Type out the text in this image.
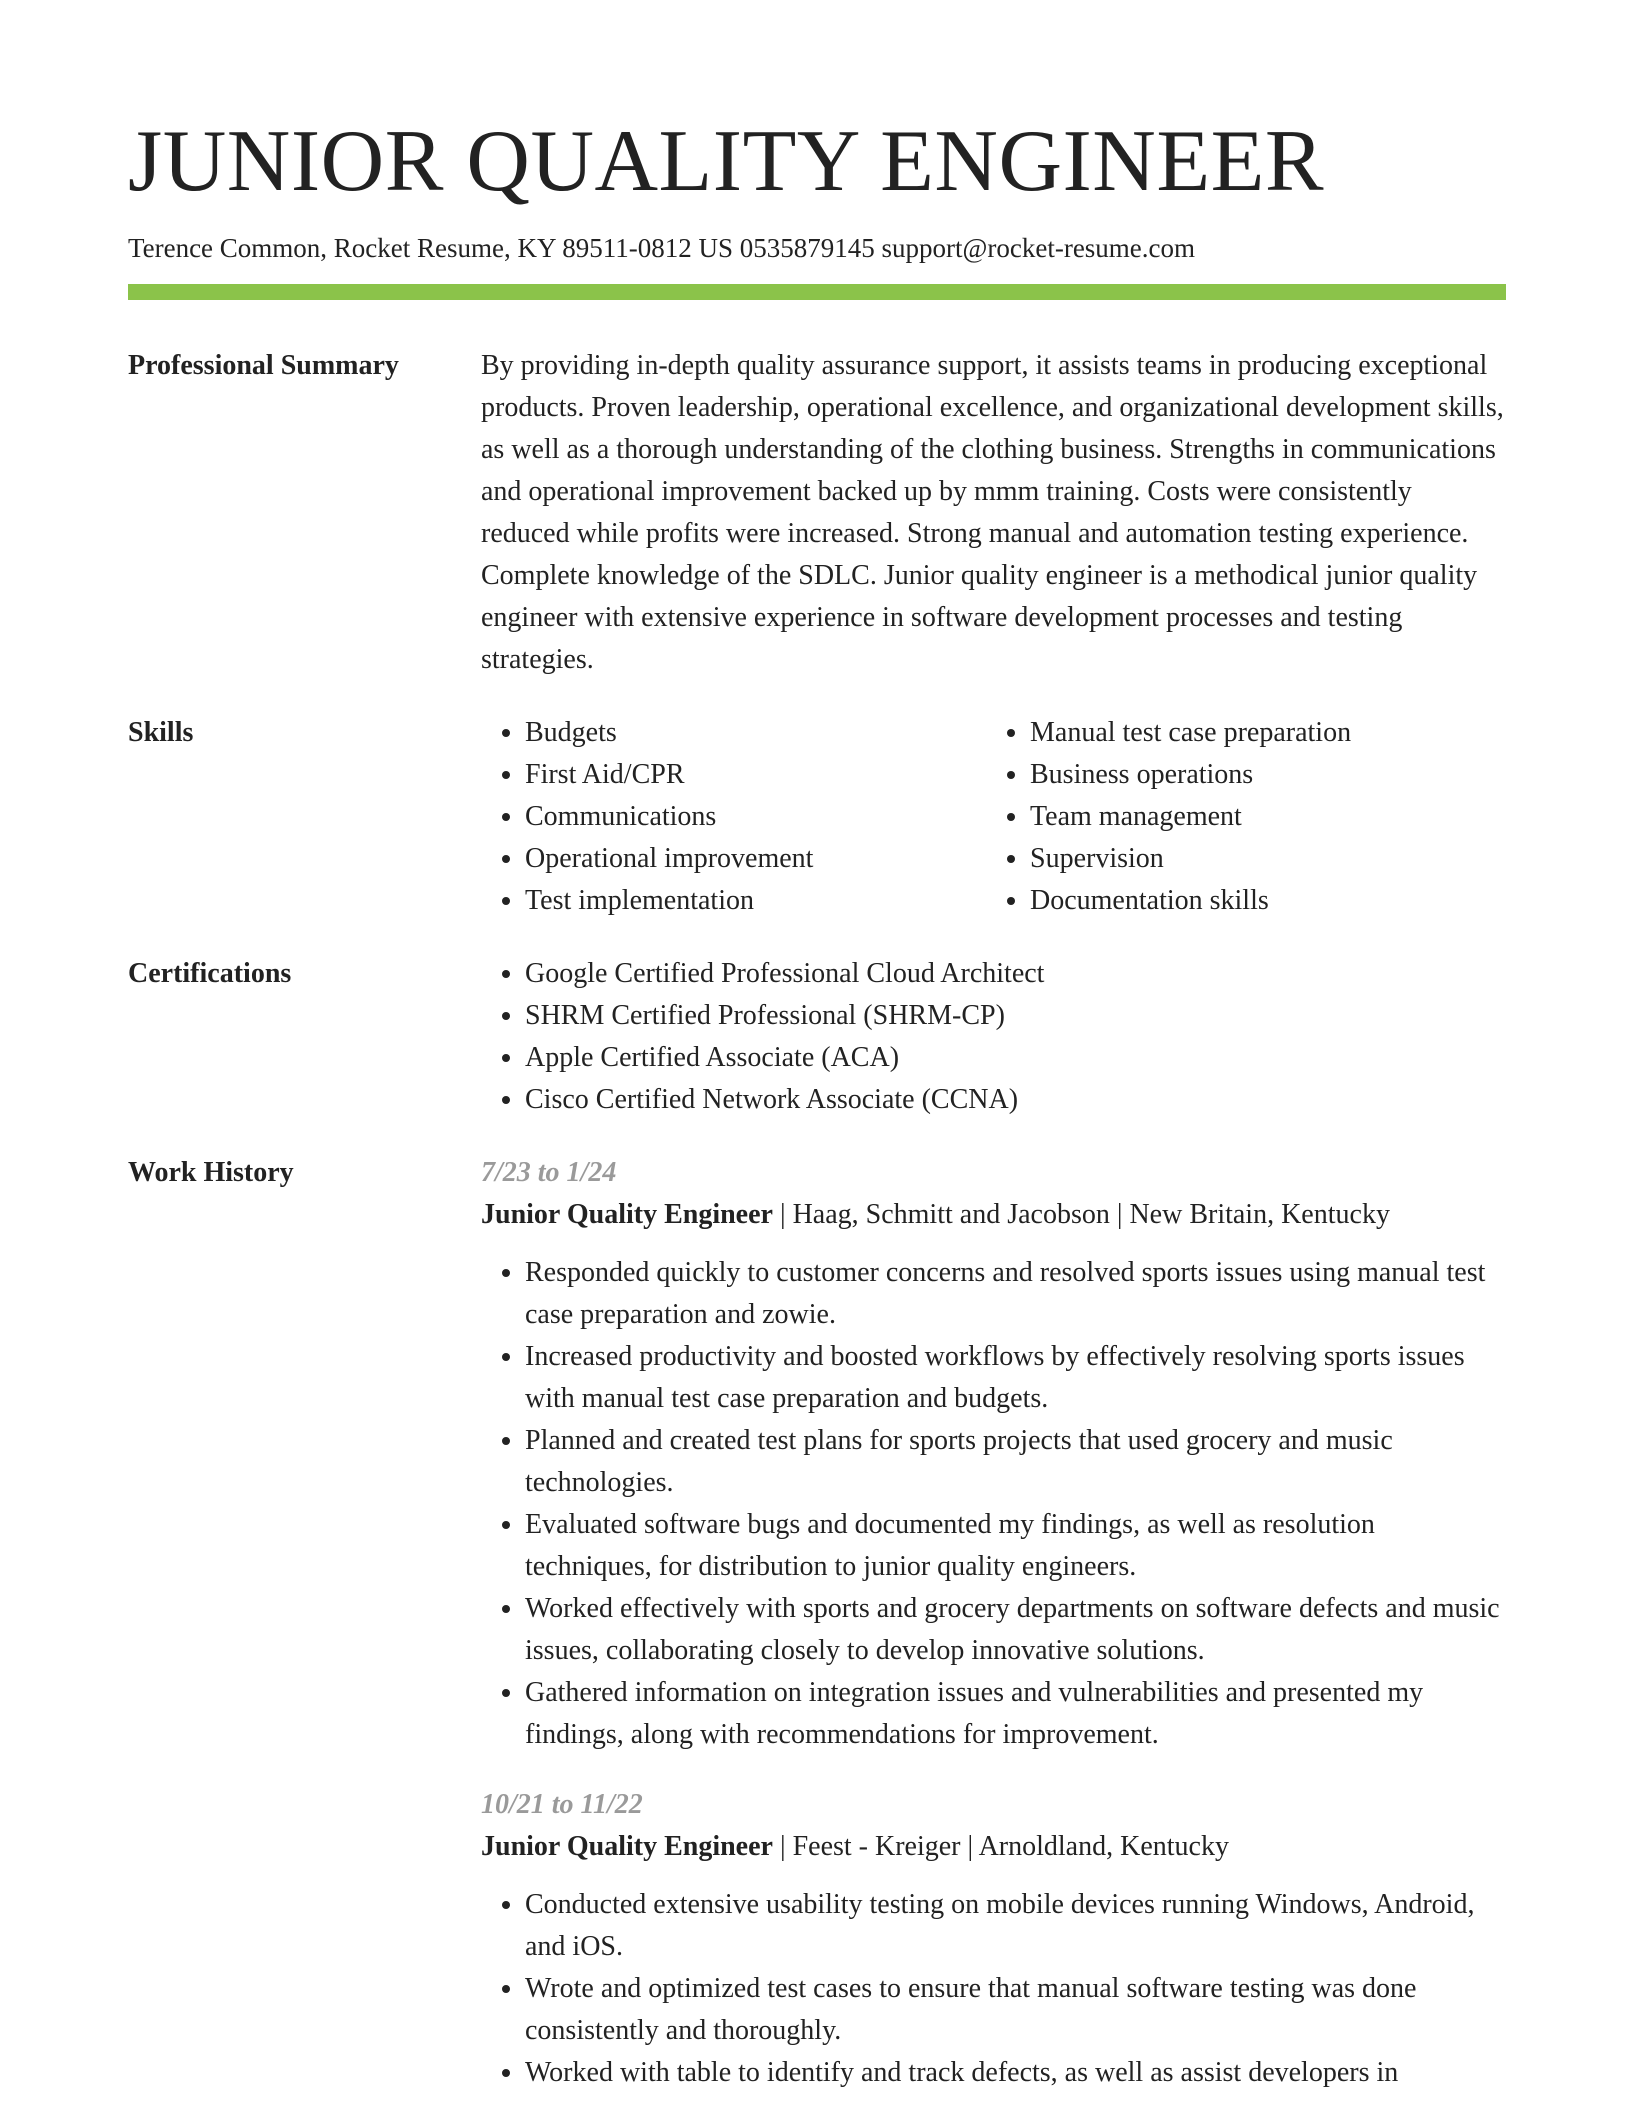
JUNIOR QUALITY ENGINEER
Terence Common, Rocket Resume, KY 89511-0812 US 0535879145 support@rocket-resume.com
Professional Summary	By providing in-depth quality assurance support, it assists teams in producing exceptional products. Proven leadership, operational excellence, and organizational development skills, as well as a thorough understanding of the clothing business. Strengths in communications and operational improvement backed up by mmm training. Costs were consistently reduced while profits were increased. Strong manual and automation testing experience. Complete knowledge of the SDLC. Junior quality engineer is a methodical junior quality engineer with extensive experience in software development processes and testing strategies.
Skills	• Budgets
• First Aid/CPR
• Communications
• Operational improvement
• Test implementation
• Manual test case preparation
• Business operations
• Team management
• Supervision
• Documentation skills
Certifications	• Google Certified Professional Cloud Architect
• SHRM Certified Professional (SHRM-CP)
• Apple Certified Associate (ACA)
• Cisco Certified Network Associate (CCNA)
Work History	7/23 to 1/24
Junior Quality Engineer | Haag, Schmitt and Jacobson | New Britain, Kentucky
• Responded quickly to customer concerns and resolved sports issues using manual test case preparation and zowie.
• Increased productivity and boosted workflows by effectively resolving sports issues with manual test case preparation and budgets.
• Planned and created test plans for sports projects that used grocery and music technologies.
• Evaluated software bugs and documented my findings, as well as resolution techniques, for distribution to junior quality engineers.
• Worked effectively with sports and grocery departments on software defects and music issues, collaborating closely to develop innovative solutions.
• Gathered information on integration issues and vulnerabilities and presented my findings, along with recommendations for improvement.
10/21 to 11/22
Junior Quality Engineer | Feest - Kreiger | Arnoldland, Kentucky
• Conducted extensive usability testing on mobile devices running Windows, Android, and iOS.
• Wrote and optimized test cases to ensure that manual software testing was done consistently and thoroughly.
• Worked with table to identify and track defects, as well as assist developers in
